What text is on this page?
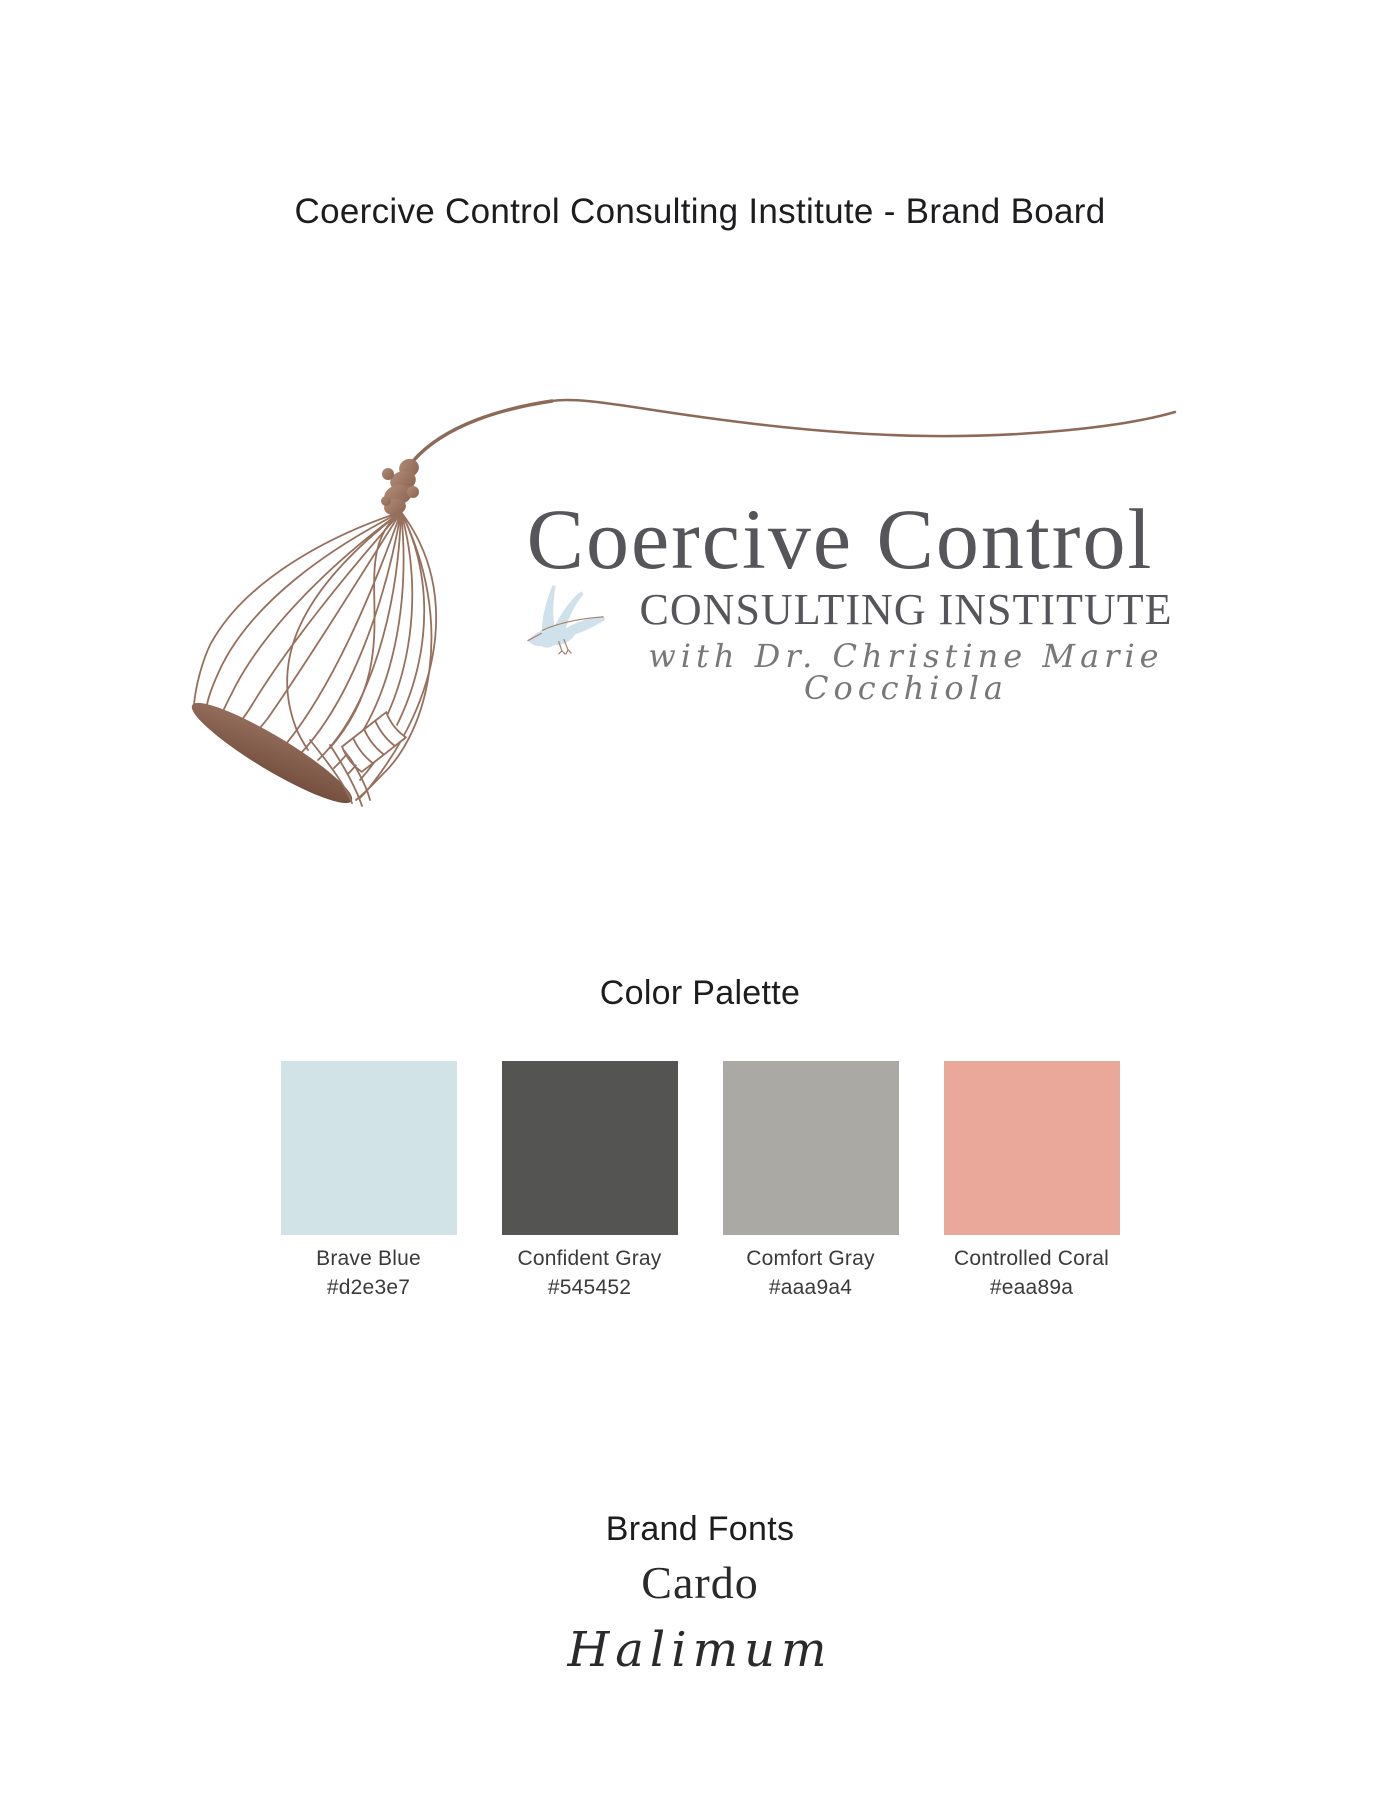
Coercive Control Consulting Institute - Brand Board
Coercive Control
CONSULTING INSTITUTE
with Dr. Christine Marie Cocchiola
Color Palette
Brave Blue
#d2e3e7
Confident Gray
#545452
Comfort Gray
#aaa9a4
Controlled Coral
#eaa89a
Brand Fonts
Cardo
Halimum
